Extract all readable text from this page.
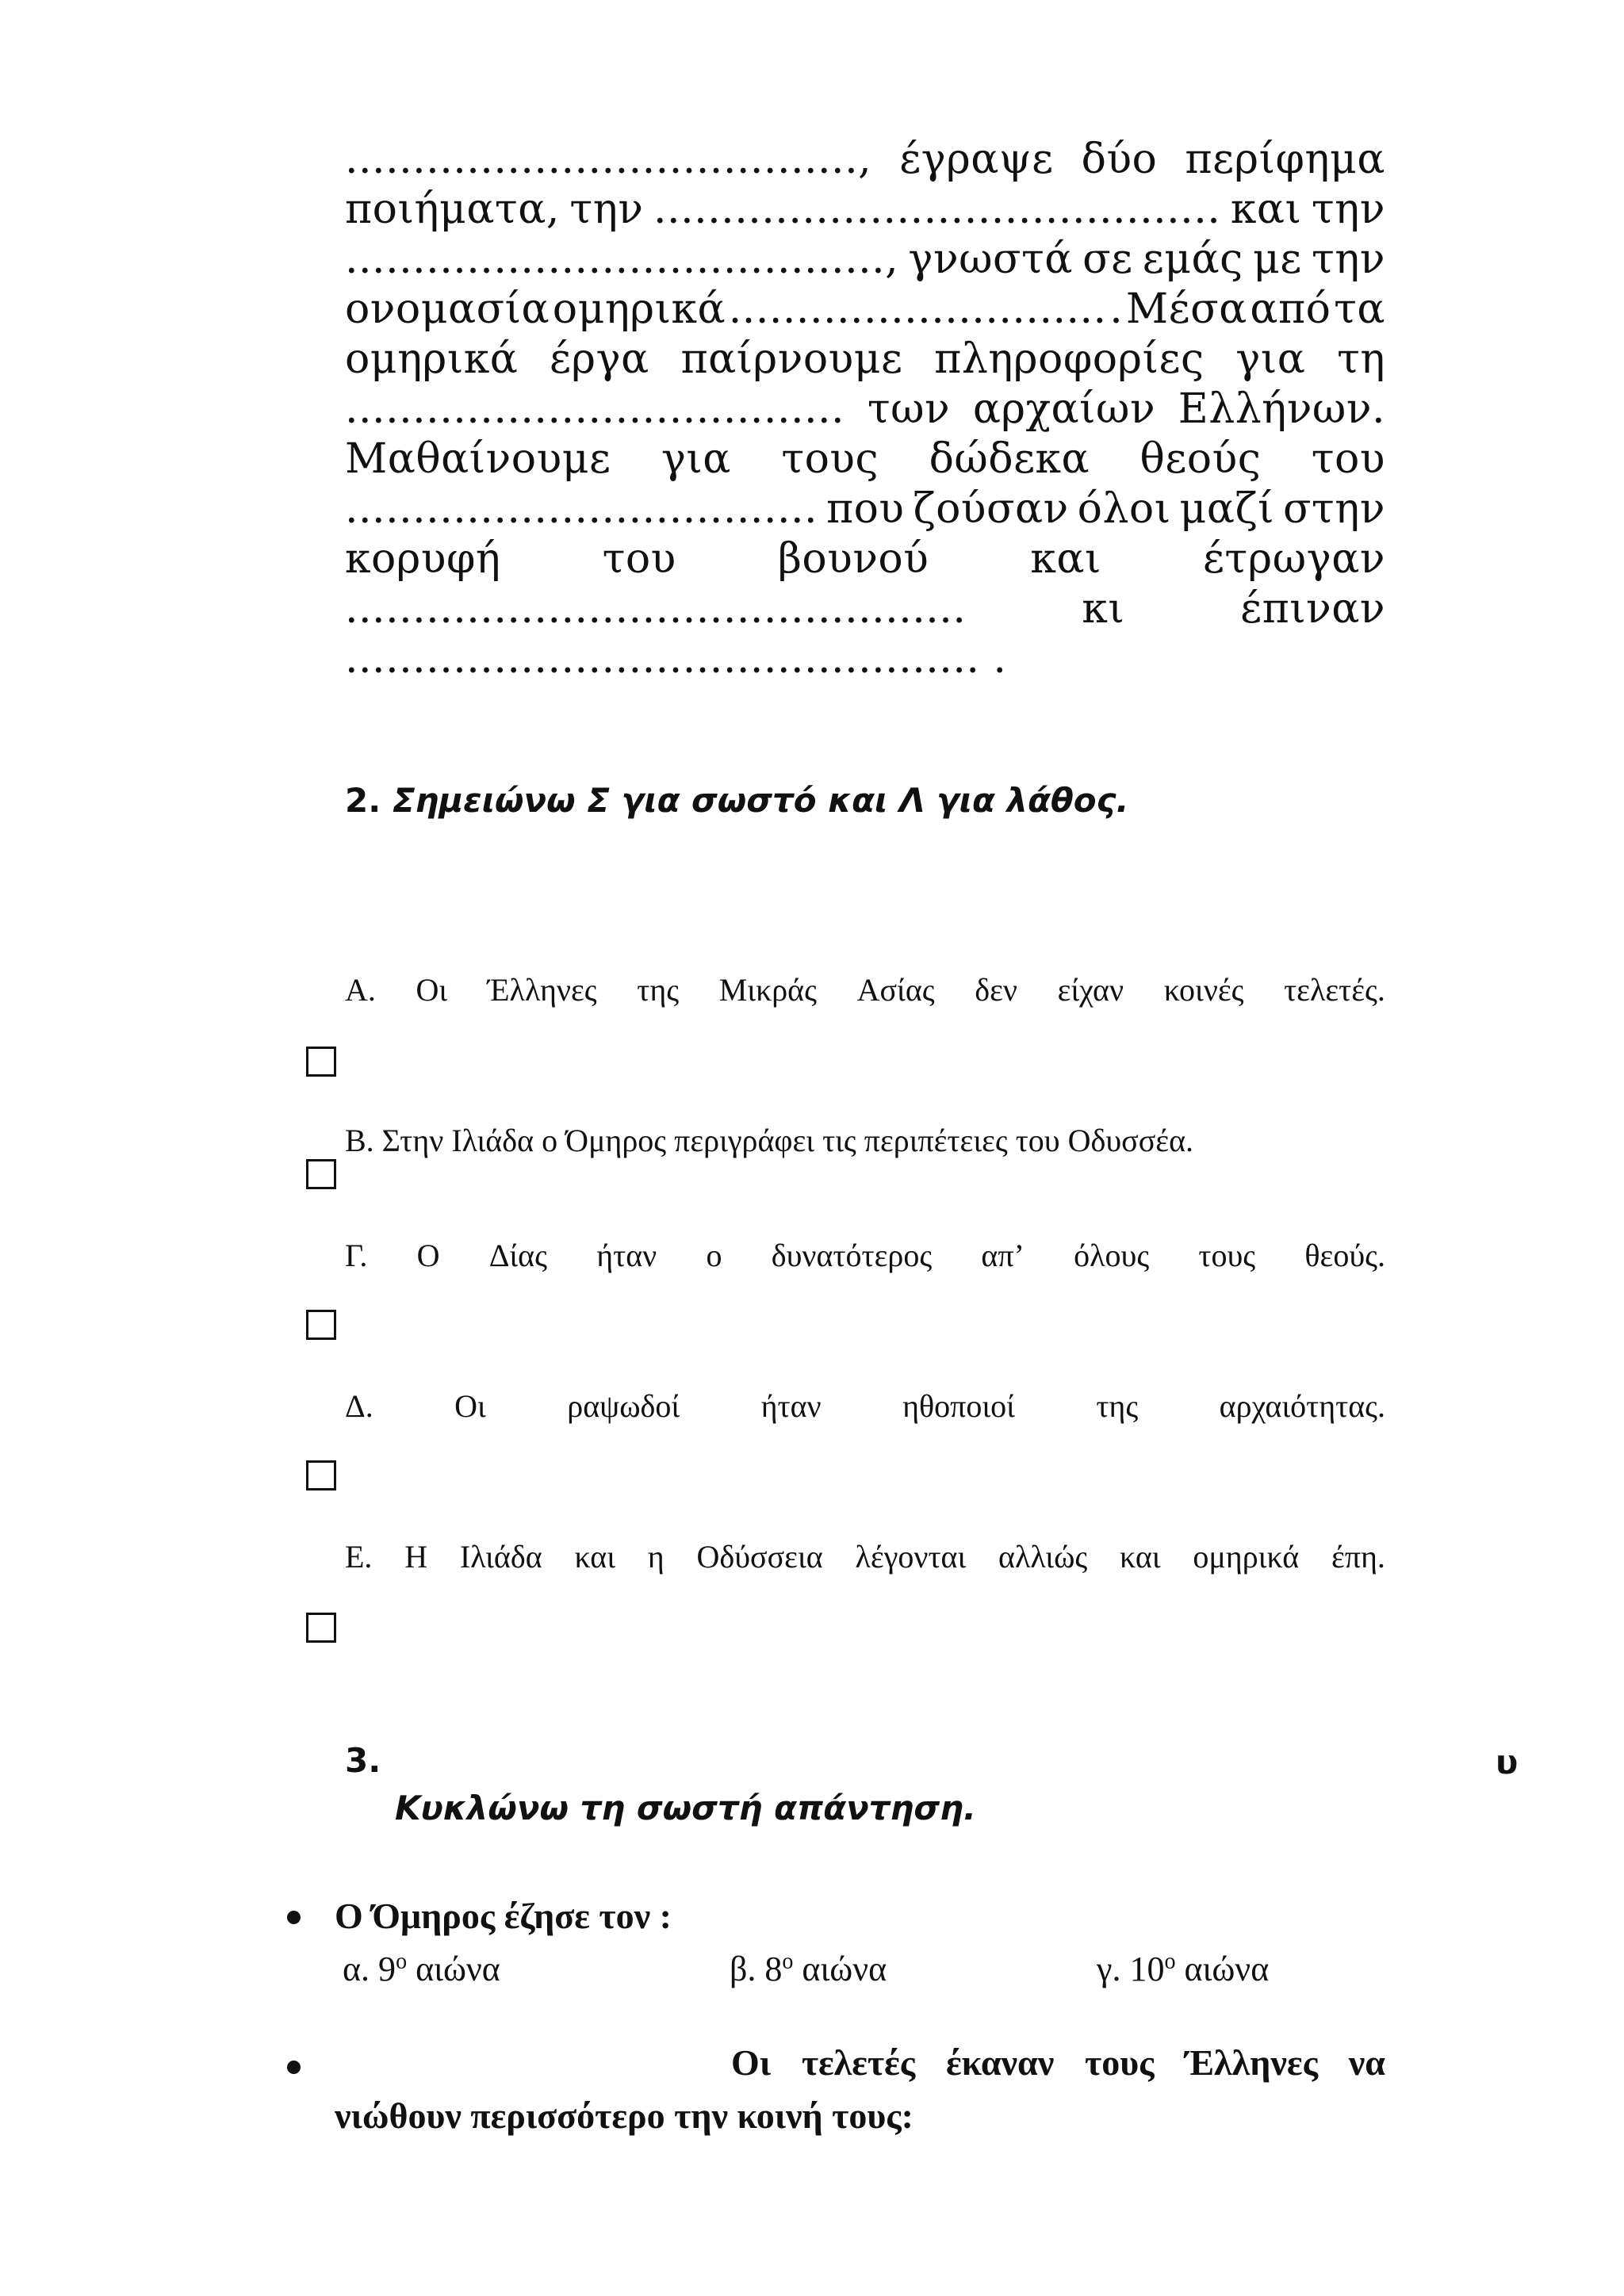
......................................, έγραψε δύο περίφημα
ποιήματα, την .......................................... και την
........................................, γνωστά σε εμάς με την
ονομασία ομηρικά ............................ . Μέσα από τα
ομηρικά έργα παίρνουμε πληροφορίες για τη
..................................... των αρχαίων Ελλήνων.
Μαθαίνουμε για τους δώδεκα θεούς του
................................... που ζούσαν όλοι μαζί στην
κορυφή του βουνού και έτρωγαν
..............................................	κι	έπιναν
............................................... .
2. Σημειώνω Σ για σωστό και Λ για λάθος.
Α. Οι Έλληνες της Μικράς Ασίας δεν είχαν κοινές τελετές.
Β. Στην Ιλιάδα ο Όμηρος περιγράφει τις περιπέτειες του Οδυσσέα.
Γ. Ο Δίας ήταν ο δυνατότερος απ’ όλους τους θεούς.
Δ.	Οι	ραψωδοί	ήταν	ηθοποιοί	της	αρχαιότητας.
Ε. Η Ιλιάδα και η Οδύσσεια λέγονται αλλιώς και ομηρικά έπη.
3.	υ
Κυκλώνω τη σωστή απάντηση.
Ο Όμηρος έζησε τον :
α. $9^o$ αιώνα	β. $8^o$ αιώνα	γ. $10^o$ αιώνα
Οι τελετές έκαναν τους Έλληνες να
νιώθουν περισσότερο την κοινή τους:
